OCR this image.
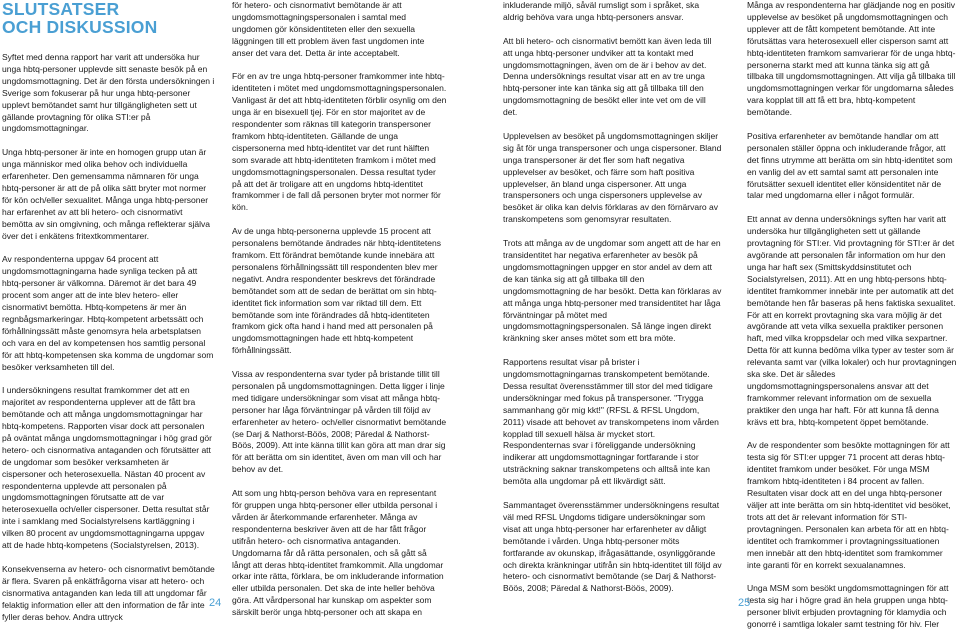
SLUTSATSER
OCH DISKUSSION

Syftet med denna rapport har varit att undersöka hur unga hbtq-personer upplevde sitt senaste besök på en ungdomsmottagning. Det är den första undersökningen i Sverige som fokuserar på hur unga hbtq-personer upplevt bemötandet samt hur tillgängligheten sett ut gällande provtagning för olika STI:er på ungdomsmottagningar.

Unga hbtq-personer är inte en homogen grupp utan är unga människor med olika behov och individuella erfarenheter. Den gemensamma nämnaren för unga hbtq-personer är att de på olika sätt bryter mot normer för kön och/eller sexualitet. Många unga hbtq-personer har erfarenhet av att bli hetero- och cisnormativt bemötta av sin omgivning, och många reflekterar själva över det i enkätens fritextkommentarer.

Av respondenterna uppgav 64 procent att ungdomsmottagningarna hade synliga tecken på att hbtq-personer är välkomna. Däremot är det bara 49 procent som anger att de inte blev hetero- eller cisnormativt bemötta. Hbtq-kompetens är mer än regnbågsmarkeringar. Hbtq-kompetent arbetssätt och förhållningssätt måste genomsyra hela arbetsplatsen och vara en del av kompetensen hos samtlig personal för att hbtq-kompetensen ska komma de ungdomar som besöker verksamheten till del.

I undersökningens resultat framkommer det att en majoritet av respondenterna upplever att de fått bra bemötande och att många ungdomsmottagningar har hbtq-kompetens. Rapporten visar dock att personalen på oväntat många ungdomsmottagningar i hög grad gör hetero- och cisnormativa antaganden och förutsätter att de ungdomar som besöker verksamheten är cispersoner och heterosexuella. Nästan 40 procent av respondenterna upplevde att personalen på ungdomsmottagningen förutsatte att de var heterosexuella och/eller cispersoner. Detta resultat står inte i samklang med Socialstyrelsens kartläggning i vilken 80 procent av ungdomsmottagningarna uppgav att de hade hbtq-kompetens (Socialstyrelsen, 2013).

Konsekvenserna av hetero- och cisnormativt bemötande är flera. Svaren på enkätfrågorna visar att hetero- och cisnormativa antaganden kan leda till att ungdomar får felaktig information eller att den information de får inte fyller deras behov. Andra uttryck

för hetero- och cisnormativt bemötande är att ungdomsmottagningspersonalen i samtal med ungdomen gör könsidentiteten eller den sexuella läggningen till ett problem även fast ungdomen inte anser det vara det. Detta är inte acceptabelt.

För en av tre unga hbtq-personer framkommer inte hbtq-identiteten i mötet med ungdomsmottagningspersonalen. Vanligast är det att hbtq-identiteten förblir osynlig om den unga är en bisexuell tjej. För en stor majoritet av de respondenter som räknas till kategorin transpersoner framkom hbtq-identiteten. Gällande de unga cispersonerna med hbtq-identitet var det runt hälften som svarade att hbtq-identiteten framkom i mötet med ungdomsmottagningspersonalen. Dessa resultat tyder på att det är troligare att en ungdoms hbtq-identitet framkommer i de fall då personen bryter mot normer för kön.

Av de unga hbtq-personerna upplevde 15 procent att personalens bemötande ändrades när hbtq-identitetens framkom. Ett förändrat bemötande kunde innebära att personalens förhållningssätt till respondenten blev mer negativt. Andra respondenter beskrevs det förändrade bemötandet som att de sedan de berättat om sin hbtq-identitet fick information som var riktad till dem. Ett bemötande som inte förändrades då hbtq-identiteten framkom gick ofta hand i hand med att personalen på ungdomsmottagningen hade ett hbtq-kompetent förhållningssätt.

Vissa av respondenterna svar tyder på bristande tillit till personalen på ungdomsmottagningen. Detta ligger i linje med tidigare undersökningar som visat att många hbtq-personer har låga förväntningar på vården till följd av erfarenheter av hetero- och/eller cisnormativt bemötande (se Darj & Nathorst-Böös, 2008; Päredal & Nathorst-Böös, 2009). Att inte känna tillit kan göra att man drar sig för att berätta om sin identitet, även om man vill och har behov av det.

Att som ung hbtq-person behöva vara en representant för gruppen unga hbtq-personer eller utbilda personal i vården är återkommande erfarenheter. Många av respondenterna beskriver även att de har fått frågor utifrån hetero- och cisnormativa antaganden. Ungdomarna får då rätta personalen, och så gått så långt att deras hbtq-identitet framkommit. Alla ungdomar orkar inte rätta, förklara, be om inkluderande information eller utbilda personalen. Det ska de inte heller behöva göra. Att vårdpersonal har kunskap om aspekter som särskilt berör unga hbtq-personer och att skapa en

inkluderande miljö, såväl rumsligt som i språket, ska aldrig behöva vara unga hbtq-personers ansvar.

Att bli hetero- och cisnormativt bemött kan även leda till att unga hbtq-personer undviker att ta kontakt med ungdomsmottagningen, även om de är i behov av det. Denna undersöknings resultat visar att en av tre unga hbtq-personer inte kan tänka sig att gå tillbaka till den ungdomsmottagning de besökt eller inte vet om de vill det.

Upplevelsen av besöket på ungdomsmottagningen skiljer sig åt för unga transpersoner och unga cispersoner. Bland unga transpersoner är det fler som haft negativa upplevelser av besöket, och färre som haft positiva upplevelser, än bland unga cispersoner. Att unga transpersoners och unga cispersoners upplevelse av besöket är olika kan delvis förklaras av den förnärvaro av transkompetens som genomsyrar resultaten.

Trots att många av de ungdomar som angett att de har en transidentitet har negativa erfarenheter av besök på ungdomsmottagningen uppger en stor andel av dem att de kan tänka sig att gå tillbaka till den ungdomsmottagning de har besökt. Detta kan förklaras av att många unga hbtq-personer med transidentitet har låga förväntningar på mötet med ungdomsmottagningspersonalen. Så länge ingen direkt kränkning sker anses mötet som ett bra möte.

Rapportens resultat visar på brister i ungdomsmottagningarnas transkompetent bemötande. Dessa resultat överensstämmer till stor del med tidigare undersökningar med fokus på transpersoner. "Trygga sammanhang gör mig kkt!" (RFSL & RFSL Ungdom, 2011) visade att behovet av transkompetens inom vården kopplad till sexuell hälsa är mycket stort. Respondenternas svar i föreliggande undersökning indikerar att ungdomsmottagningar fortfarande i stor utsträckning saknar transkompetens och alltså inte kan bemöta alla ungdomar på ett likvärdigt sätt.

Sammantaget överensstämmer undersökningens resultat väl med RFSL Ungdoms tidigare undersökningar som visat att unga hbtq-personer har erfarenheter av dåligt bemötande i vården. Unga hbtq-personer möts fortfarande av okunskap, ifrågasättande, osynliggörande och direkta kränkningar utifrån sin hbtq-identitet till följd av hetero- och cisnormativt bemötande (se Darj & Nathorst-Böös, 2008; Päredal & Nathorst-Böös, 2009).

Många av respondenterna har glädjande nog en positiv upplevelse av besöket på ungdomsmottagningen och upplever att de fått kompetent bemötande. Att inte förutsättas vara heterosexuell eller cisperson samt att hbtq-identiteten framkom samvarierar för de unga hbtq-personerna starkt med att kunna tänka sig att gå tillbaka till ungdomsmottagningen. Att vilja gå tillbaka till ungdomsmottagningen verkar för ungdomarna således vara kopplat till att få ett bra, hbtq-kompetent bemötande.

Positiva erfarenheter av bemötande handlar om att personalen ställer öppna och inkluderande frågor, att det finns utrymme att berätta om sin hbtq-identitet som en vanlig del av ett samtal samt att personalen inte förutsätter sexuell identitet eller könsidentitet när de talar med ungdomarna eller i något formulär.

Ett annat av denna undersöknings syften har varit att undersöka hur tillgängligheten sett ut gällande provtagning för STI:er. Vid provtagning för STI:er är det avgörande att personalen får information om hur den unga har haft sex (Smittskyddsinstitutet och Socialstyrelsen, 2011). Att en ung hbtq-persons hbtq-identitet framkommer innebär inte per automatik att det bemötande hen får baseras på hens faktiska sexualitet. För att en korrekt provtagning ska vara möjlig är det avgörande att veta vilka sexuella praktiker personen haft, med vilka kroppsdelar och med vilka sexpartner. Detta för att kunna bedöma vilka typer av tester som är relevanta samt var (vilka lokaler) och hur provtagningen ska ske. Det är således ungdomsmottagningspersonalens ansvar att det framkommer relevant information om de sexuella praktiker den unga har haft. För att kunna få denna krävs ett bra, hbtq-kompetent öppet bemötande.

Av de respondenter som besökte mottagningen för att testa sig för STI:er uppger 71 procent att deras hbtq-identitet framkom under besöket. För unga MSM framkom hbtq-identiteten i 84 procent av fallen. Resultaten visar dock att en del unga hbtq-personer väljer att inte berätta om sin hbtq-identitet vid besöket, trots att det är relevant information för STI-provtagningen. Personalen kan arbeta för att en hbtq-identitet och framkommer i provtagningssituationen men innebär att den hbtq-identitet som framkommer inte garanti för en korrekt sexualanamnes.

Unga MSM som besökt ungdomsmottagningen för att testa sig har i högre grad än hela gruppen unga hbtq-personer blivit erbjuden provtagning för klamydia och gonorré i samtliga lokaler samt testning för hiv. Fler

24	25
